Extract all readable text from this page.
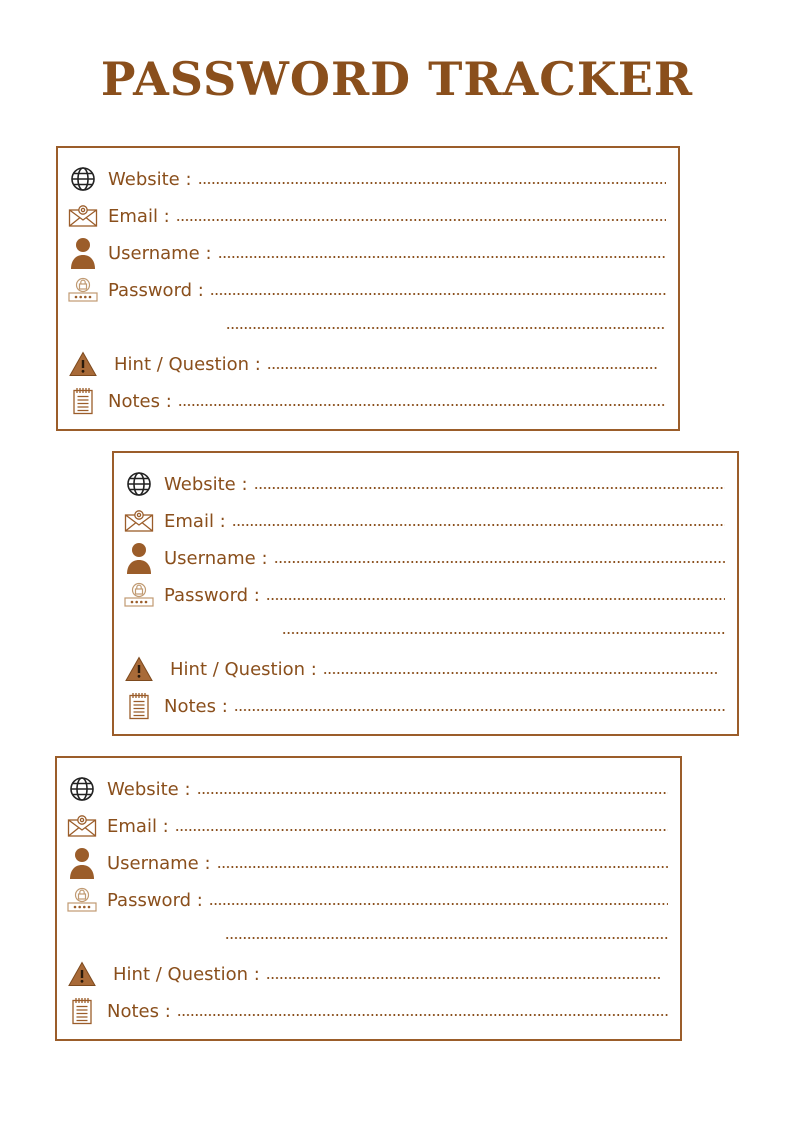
PASSWORD TRACKER
Website :
Email :
Username :
Password :
Hint / Question :
Notes :
Website :
Email :
Username :
Password :
Hint / Question :
Notes :
Website :
Email :
Username :
Password :
Hint / Question :
Notes :
